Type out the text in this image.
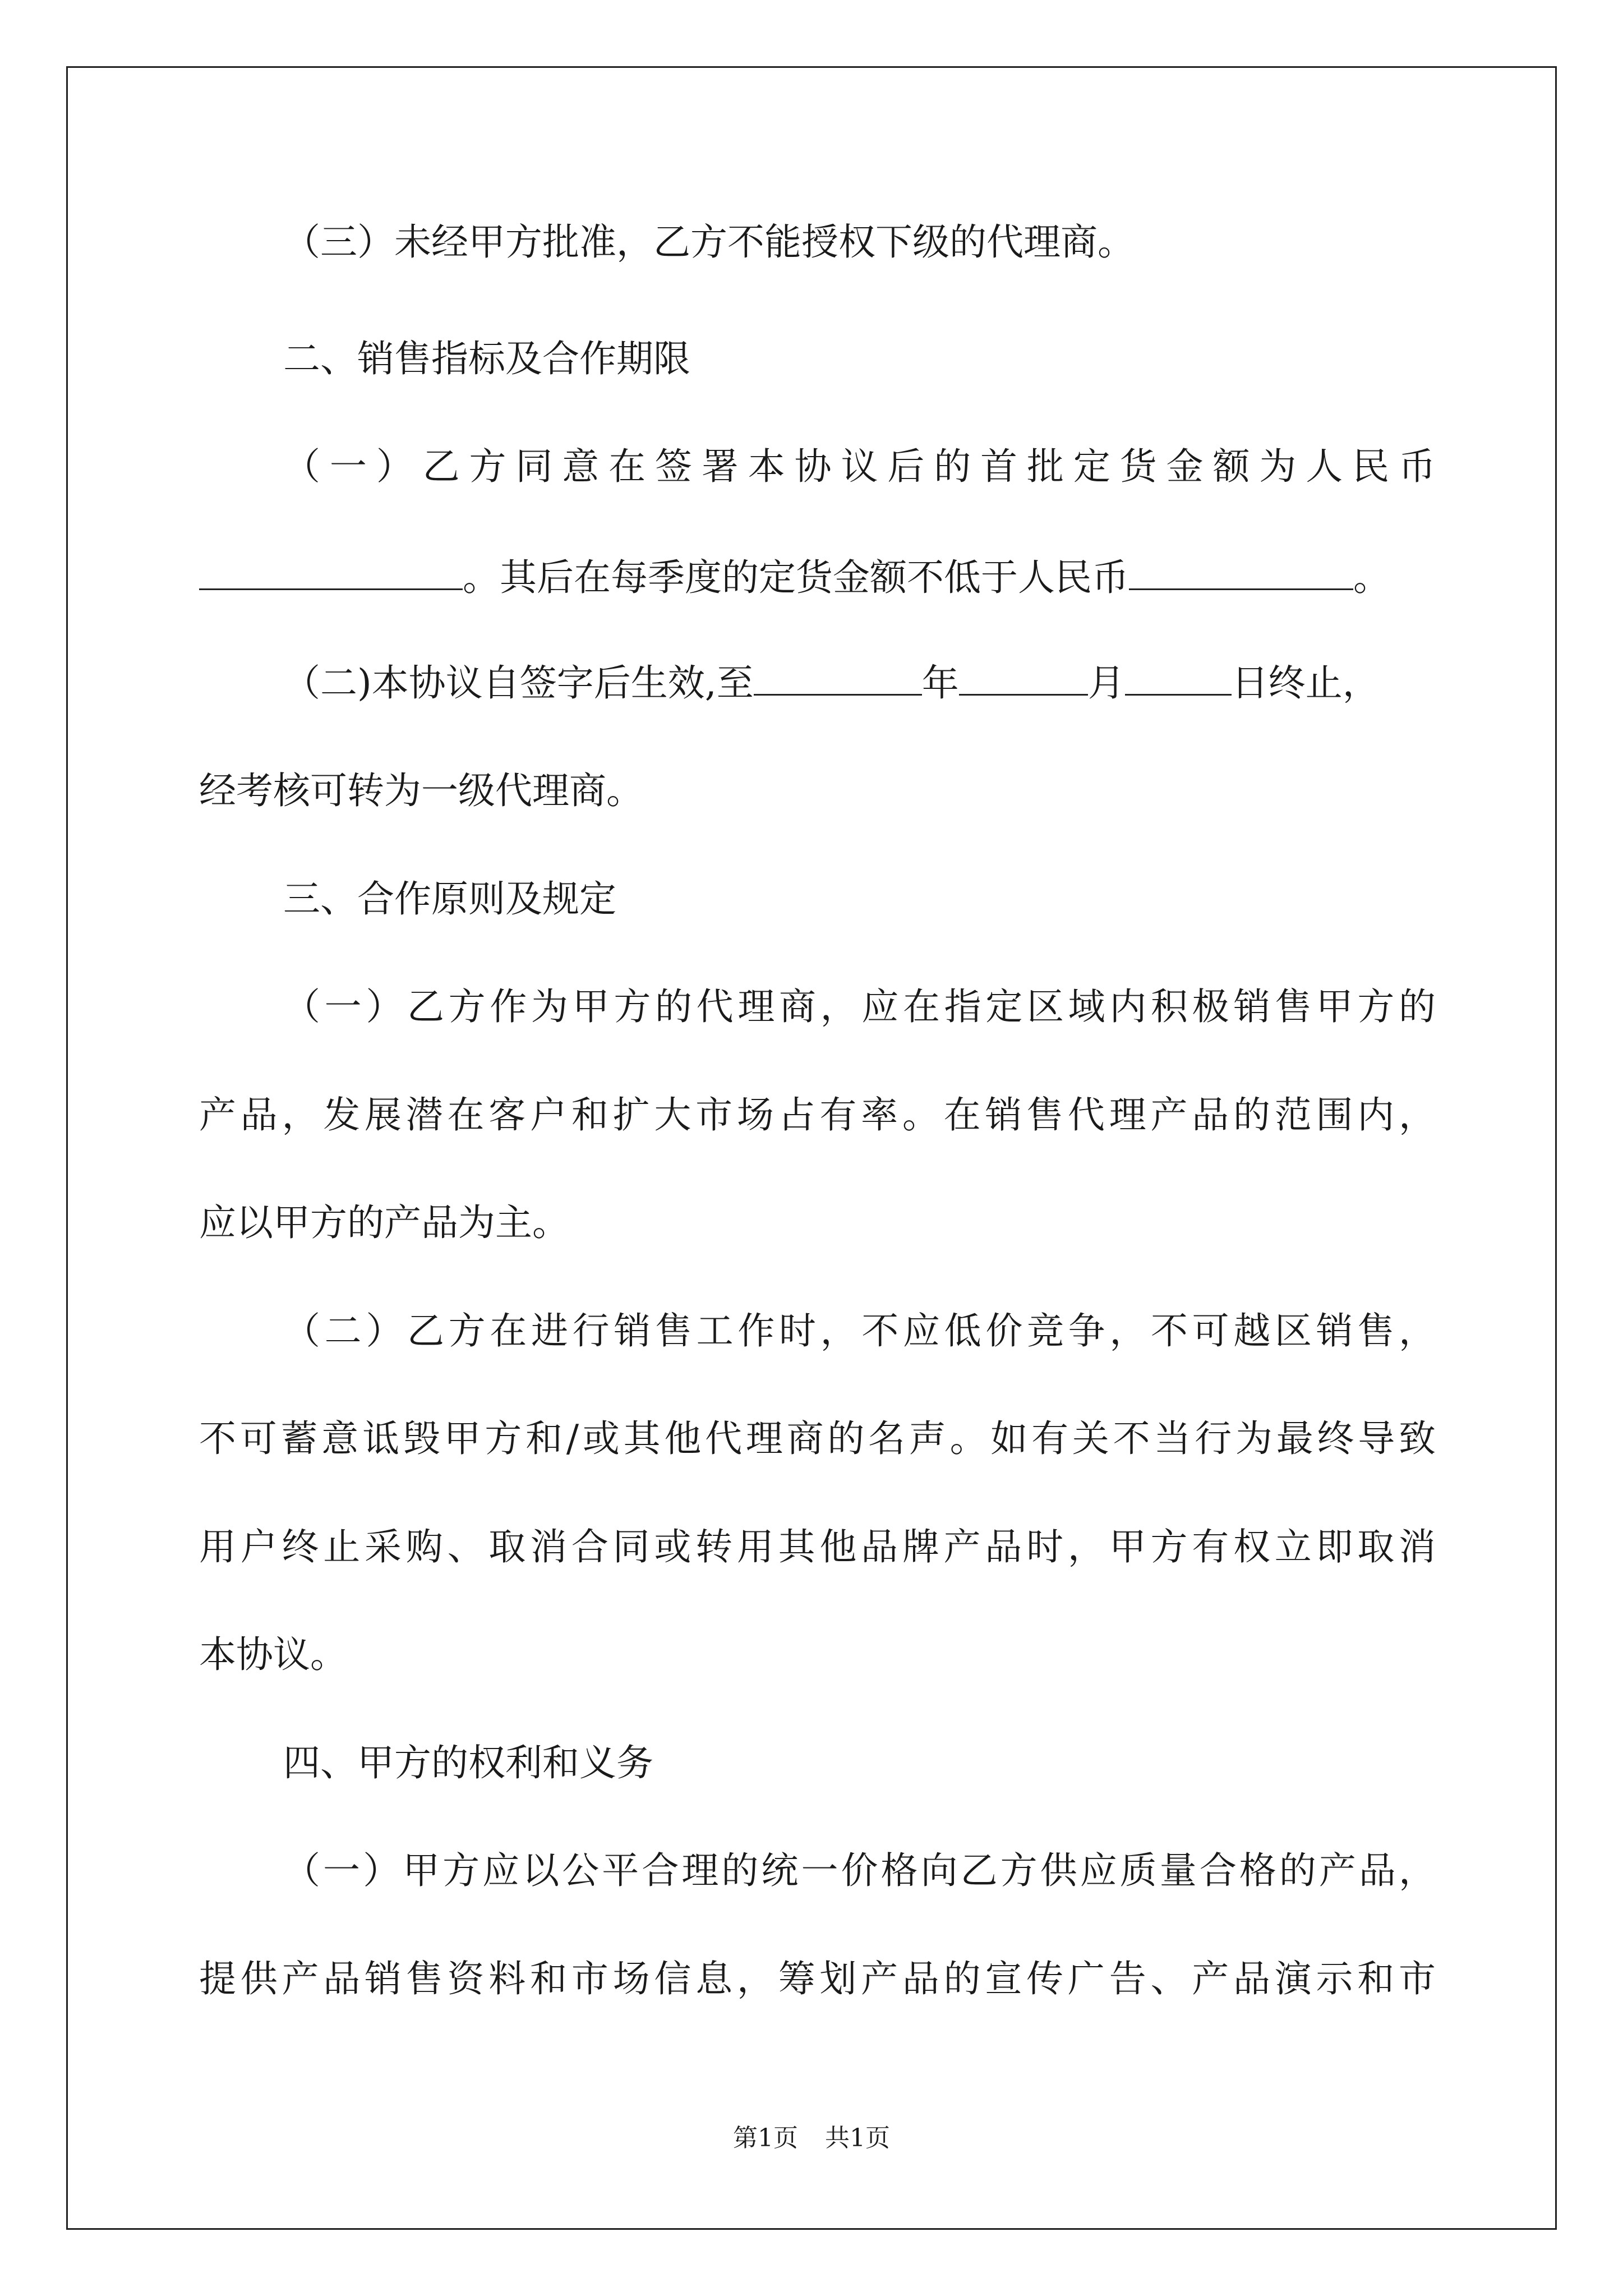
（三）未经甲方批准，乙方不能授权下级的代理商。
二、销售指标及合作期限
（一）乙方同意在签署本协议后的首批定货金额为人民币
。其后在每季度的定货金额不低于人民币	。
（二)本协议自签字后生效,至	年	月	日终止，
经考核可转为一级代理商。
三、合作原则及规定
（一）乙方作为甲方的代理商，应在指定区域内积极销售甲方的
产品，发展潜在客户和扩大市场占有率。在销售代理产品的范围内，
应以甲方的产品为主。
（二）乙方在进行销售工作时，不应低价竞争，不可越区销售，
不可蓄意诋毁甲方和/或其他代理商的名声。如有关不当行为最终导致
用户终止采购、取消合同或转用其他品牌产品时，甲方有权立即取消
本协议。
四、甲方的权利和义务
（一）甲方应以公平合理的统一价格向乙方供应质量合格的产品，
提供产品销售资料和市场信息，筹划产品的宣传广告、产品演示和市
第1页 共1页
